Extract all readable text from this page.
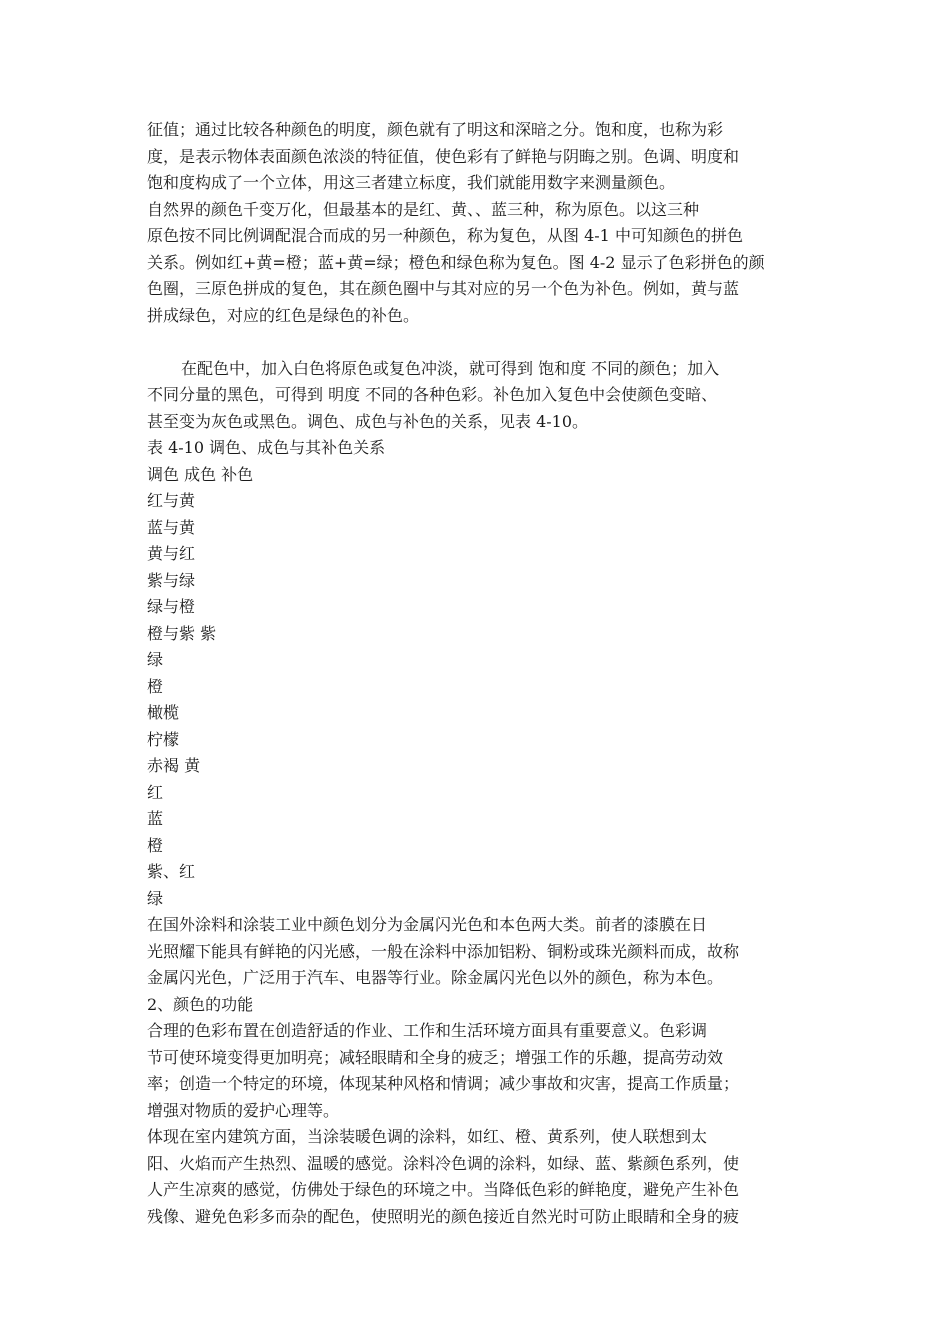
征值；通过比较各种颜色的明度，颜色就有了明这和深暗之分。饱和度，也称为彩
度，是表示物体表面颜色浓淡的特征值，使色彩有了鲜艳与阴晦之别。色调、明度和
饱和度构成了一个立体，用这三者建立标度，我们就能用数字来测量颜色。
自然界的颜色千变万化，但最基本的是红、黄、、蓝三种，称为原色。以这三种
原色按不同比例调配混合而成的另一种颜色，称为复色，从图 4-1 中可知颜色的拼色
关系。例如红+黄=橙；蓝+黄=绿；橙色和绿色称为复色。图 4-2 显示了色彩拼色的颜
色圈，三原色拼成的复色，其在颜色圈中与其对应的另一个色为补色。例如，黄与蓝
拼成绿色，对应的红色是绿色的补色。
在配色中，加入白色将原色或复色冲淡，就可得到 饱和度 不同的颜色；加入
不同分量的黑色，可得到 明度 不同的各种色彩。补色加入复色中会使颜色变暗、
甚至变为灰色或黑色。调色、成色与补色的关系，见表 4-10。
表 4-10 调色、成色与其补色关系
调色 成色 补色
红与黄
蓝与黄
黄与红
紫与绿
绿与橙
橙与紫 紫
绿
橙
橄榄
柠檬
赤褐 黄
红
蓝
橙
紫、红
绿
在国外涂料和涂装工业中颜色划分为金属闪光色和本色两大类。前者的漆膜在日
光照耀下能具有鲜艳的闪光感，一般在涂料中添加铝粉、铜粉或珠光颜料而成，故称
金属闪光色，广泛用于汽车、电器等行业。除金属闪光色以外的颜色，称为本色。
2、颜色的功能
合理的色彩布置在创造舒适的作业、工作和生活环境方面具有重要意义。色彩调
节可使环境变得更加明亮；减轻眼睛和全身的疲乏；增强工作的乐趣，提高劳动效
率；创造一个特定的环境，体现某种风格和情调；减少事故和灾害，提高工作质量；
增强对物质的爱护心理等。
体现在室内建筑方面，当涂装暖色调的涂料，如红、橙、黄系列，使人联想到太
阳、火焰而产生热烈、温暖的感觉。涂料冷色调的涂料，如绿、蓝、紫颜色系列，使
人产生凉爽的感觉，仿佛处于绿色的环境之中。当降低色彩的鲜艳度，避免产生补色
残像、避免色彩多而杂的配色，使照明光的颜色接近自然光时可防止眼睛和全身的疲
